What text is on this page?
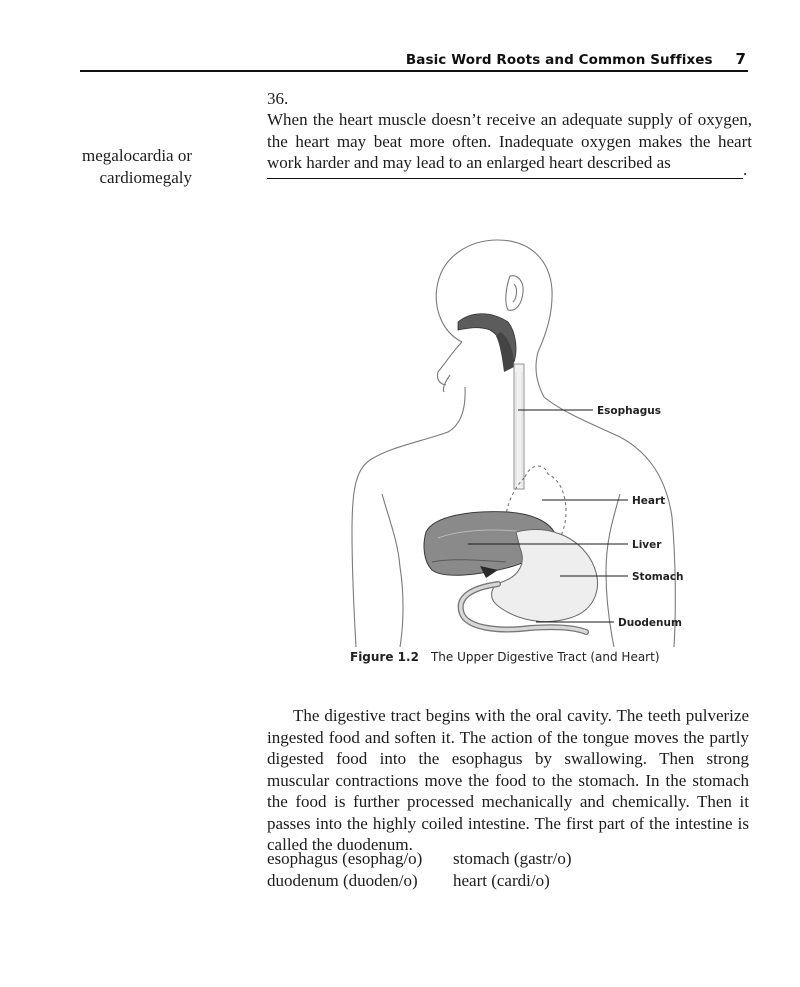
Basic Word Roots and Common Suffixes 7
36.
When the heart muscle doesn’t receive an adequate supply of oxygen, the heart may beat more often. Inadequate oxygen makes the heart work harder and may lead to an enlarged heart described as	.
megalocardia or
cardiomegaly
Esophagus
Heart
Liver
Stomach
Duodenum
Figure 1.2 The Upper Digestive Tract (and Heart)
The digestive tract begins with the oral cavity. The teeth pulverize ingested food and soften it. The action of the tongue moves the partly digested food into the esophagus by swallowing. Then strong muscular contractions move the food to the stomach. In the stomach the food is further processed mechanically and chemically. Then it passes into the highly coiled intestine. The first part of the intestine is called the duodenum.
esophagus (esophag/o)	stomach (gastr/o)
duodenum (duoden/o)	heart (cardi/o)
